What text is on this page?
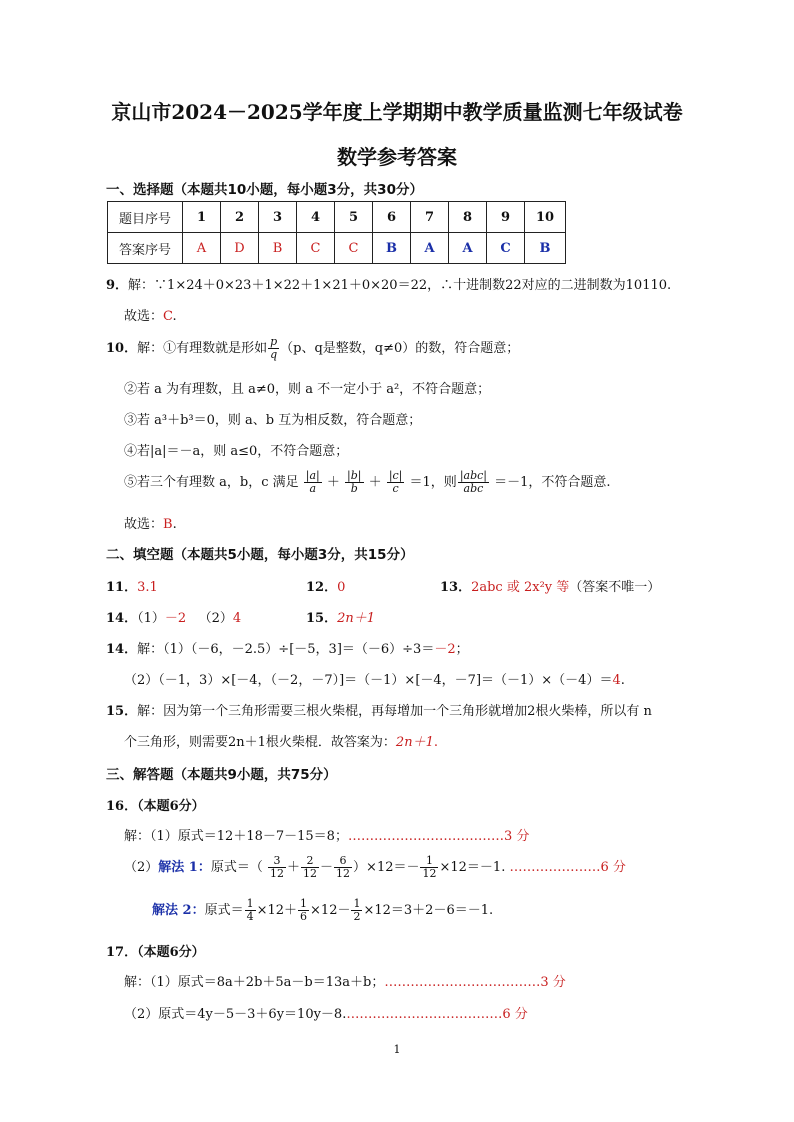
京山市2024－2025学年度上学期期中教学质量监测七年级试卷
数学参考答案
一、选择题（本题共10小题，每小题3分，共30分）
题目序号	1	2	3	4	5	6	7	8	9	10
答案序号	A	D	B	C	C	B	A	A	C	B
9．解：∵1×24＋0×23＋1×22＋1×21＋0×20＝22，∴十进制数22对应的二进制数为10110.
故选：C.
10．解：①有理数就是形如 $\frac{p}{q} (p$、q是整数，q≠0）的数，符合题意；
②若 a 为有理数，且 a≠0，则 a 不一定小于 a²，不符合题意；
③若 a³＋b³＝0，则 a、b 互为相反数，符合题意；
④若|a|＝－a，则 a≤0，不符合题意；
⑤若三个有理数 a，b，c 满足 $\frac{|a|}{a} + \frac{|b|}{b} + \frac{|c|}{c} =1$，则 $\frac{\text{|abc|}}{\text{abc}} =-1$，不符合题意.
故选：B.
二、填空题（本题共5小题，每小题3分，共15分）
11．3.1	12．0	13．2abc 或 2x²y 等（答案不唯一）
14．（1）－2 （2）4	15．2n＋1
14．解：（1）（－6，－2.5）÷[－5，3]＝（－6）÷3＝－2；
（2）（－1，3）×[－4，（－2，－7）]＝（－1）×[－4，－7]＝（－1）×（－4）＝4.
15．解：因为第一个三角形需要三根火柴棍，再每增加一个三角形就增加2根火柴棒，所以有 n
个三角形，则需要2n＋1根火柴棍．故答案为：2n＋1.
三、解答题（本题共9小题，共75分）
16．（本题6分）
解：（1）原式＝12＋18－7－15＝8；………………………………3 分
（2）解法 1：原式＝（ $\frac{3}{12} + \frac{2}{12} - \frac{6}{12} )\times 12=- \frac{1}{12} \times 12=-1$. …………………6 分
解法 2：原式＝ $\frac{1}{4} \times 12+ \frac{1}{6} \times 12- \frac{1}{2} \times 12=3+2-6=-1$.
17．（本题6分）
解：（1）原式＝8a＋2b＋5a－b＝13a＋b；………………………………3 分
（2）原式＝4y－5－3＋6y＝10y－8.………………………………6 分
1
